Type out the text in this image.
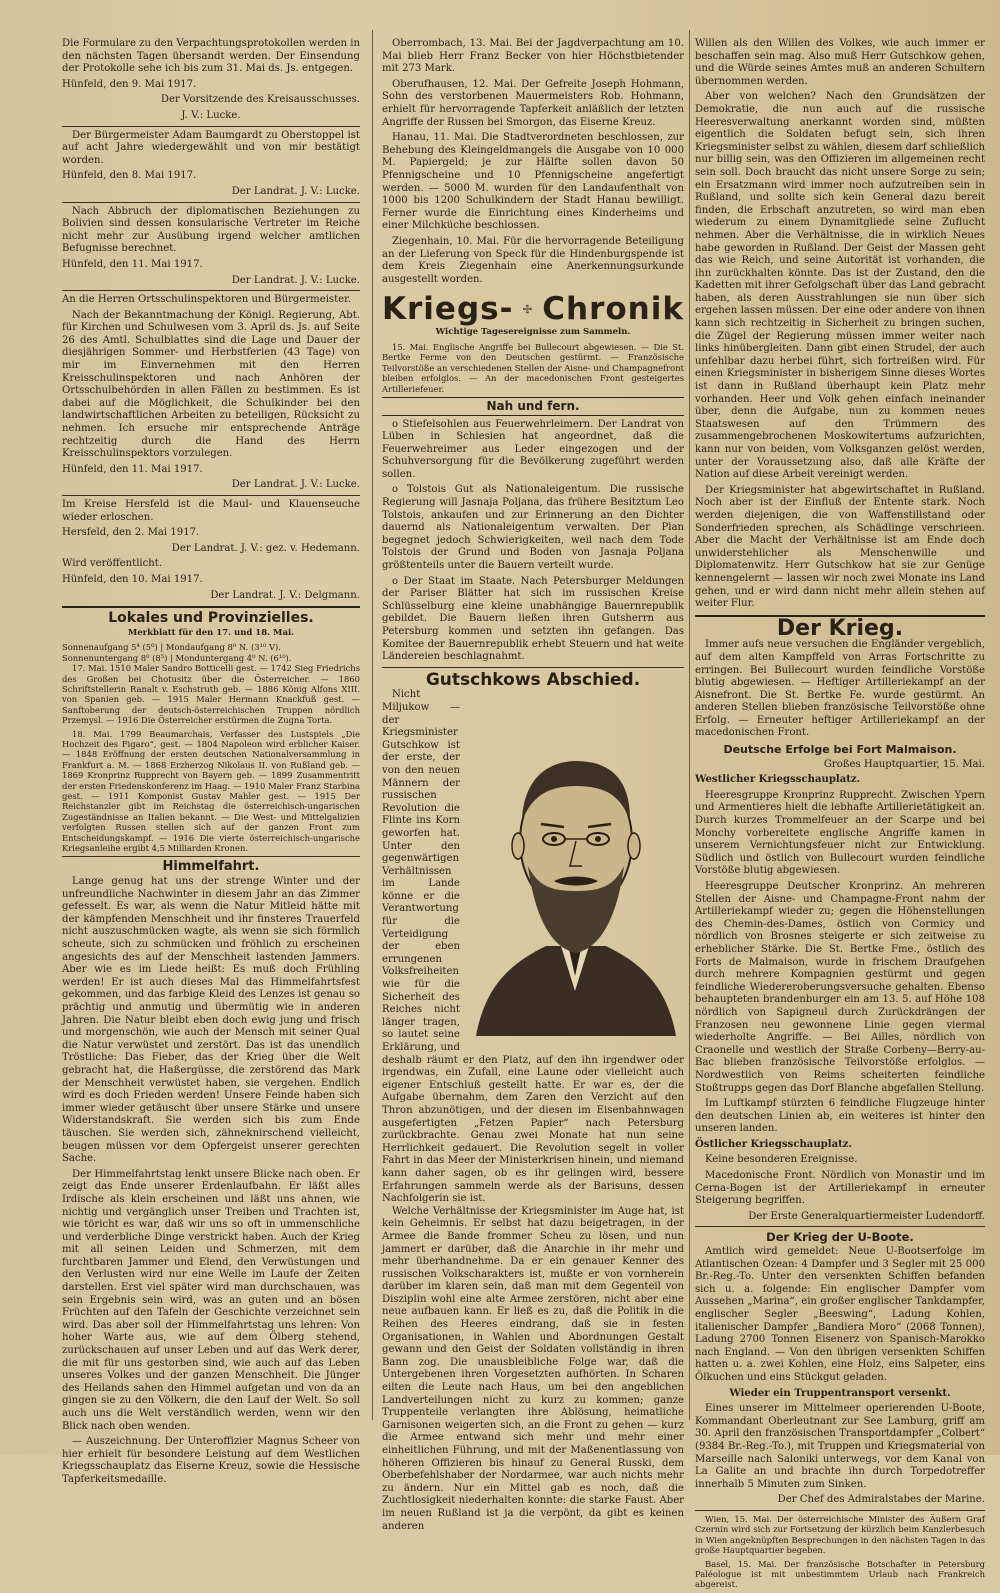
Die Formulare zu den Verpachtungsprotokollen werden in den nächsten Tagen übersandt werden. Der Einsendung der Protokolle sehe ich bis zum 31. Mai ds. Js. entgegen.

Hünfeld, den 9. Mai 1917.

Der Vorsitzende des Kreisausschusses.

J. V.: Lucke.

Der Bürgermeister Adam Baumgardt zu Oberstoppel ist auf acht Jahre wiedergewählt und von mir bestätigt worden.

Hünfeld, den 8. Mai 1917.

Der Landrat. J. V.: Lucke.

Nach Abbruch der diplomatischen Beziehungen zu Bolivien sind dessen konsularische Vertreter im Reiche nicht mehr zur Ausübung irgend welcher amtlichen Befugnisse berechnet.

Hünfeld, den 11. Mai 1917.

Der Landrat. J. V.: Lucke.

An die Herren Ortsschulinspektoren und Bürgermeister.

Nach der Bekanntmachung der Königl. Regierung, Abt. für Kirchen und Schulwesen vom 3. April ds. Js. auf Seite 26 des Amtl. Schulblattes sind die Lage und Dauer der diesjährigen Sommer- und Herbstferien (43 Tage) von mir im Einvernehmen mit den Herren Kreisschulinspektoren und nach Anhören der Ortsschulbehörden in allen Fällen zu bestimmen. Es ist dabei auf die Möglichkeit, die Schulkinder bei den landwirtschaftlichen Arbeiten zu beteiligen, Rücksicht zu nehmen. Ich ersuche mir entsprechende Anträge rechtzeitig durch die Hand des Herrn Kreisschulinspektors vorzulegen.

Hünfeld, den 11. Mai 1917.

Der Landrat. J. V.: Lucke.

Im Kreise Hersfeld ist die Maul- und Klauenseuche wieder erloschen.

Hersfeld, den 2. Mai 1917.

Der Landrat. J. V.: gez. v. Hedemann.

Wird veröffentlicht.

Hünfeld, den 10. Mai 1917.

Der Landrat. J. V.: Delgmann.

Lokales und Provinzielles.
Merkblatt für den 17. und 18. Mai.
Sonnenaufgang 5⁴ (5⁰) | Mondaufgang 8⁰ N. (3¹⁰ V).
Sonnenuntergang 8⁰ (8⁵) | Monduntergang 4⁰ N. (6¹⁰).

17. Mai. 1510 Maler Sandro Botticelli gest. — 1742 Sieg Friedrichs des Großen bei Chotusitz über die Österreicher. — 1860 Schriftstellerin Ranalt v. Eschstruth geb. — 1886 König Alfons XIII. von Spanien geb. — 1915 Maler Hermann Knackfuß gest. — Sanftoberung der deutsch-österreichischen Truppen nördlich Przemysl. — 1916 Die Österreicher erstürmen die Zugna Torta.

18. Mai. 1799 Beaumarchais, Verfasser des Lustspiels „Die Hochzeit des Figaro“, gest. — 1804 Napoleon wird erblicher Kaiser. — 1848 Eröffnung der ersten deutschen Nationalversammlung in Frankfurt a. M. — 1868 Erzherzog Nikolaus II. von Rußland geb. — 1869 Kronprinz Rupprecht von Bayern geb. — 1899 Zusammentritt der ersten Friedenskonferenz im Haag. — 1910 Maler Franz Starbina gest. — 1911 Komponist Gustav Mahler gest. — 1915 Der Reichstanzler gibt im Reichstag die österreichisch-ungarischen Zugeständnisse an Italien bekannt. — Die West- und Mittelgalizien verfolgten Russen stellen sich auf der ganzen Front zum Entscheidungskampf. — 1916 Die vierte österreichisch-ungarische Kriegsanleihe ergibt 4,5 Milliarden Kronen.

Himmelfahrt.

Lange genug hat uns der strenge Winter und der unfreundliche Nachwinter in diesem Jahr an das Zimmer gefesselt. Es war, als wenn die Natur Mitleid hätte mit der kämpfenden Menschheit und ihr finsteres Trauerfeld nicht auszuschmücken wagte, als wenn sie sich förmlich scheute, sich zu schmücken und fröhlich zu erscheinen angesichts des auf der Menschheit lastenden Jammers. Aber wie es im Liede heißt: Es muß doch Frühling werden! Er ist auch dieses Mal das Himmelfahrtsfest gekommen, und das farbige Kleid des Lenzes ist genau so prächtig und anmutig und übermütig wie in anderen Jahren. Die Natur bleibt eben doch ewig jung und frisch und morgenschön, wie auch der Mensch mit seiner Qual die Natur verwüstet und zerstört. Das ist das unendlich Tröstliche: Das Fieber, das der Krieg über die Welt gebracht hat, die Haßergüsse, die zerstörend das Mark der Menschheit verwüstet haben, sie vergehen. Endlich wird es doch Frieden werden! Unsere Feinde haben sich immer wieder getäuscht über unsere Stärke und unsere Widerstandskraft. Sie werden sich bis zum Ende täuschen. Sie werden sich, zähneknirschend vielleicht, beugen müssen vor dem Opfergeist unserer gerechten Sache.

Der Himmelfahrtstag lenkt unsere Blicke nach oben. Er zeigt das Ende unserer Erdenlaufbahn. Er läßt alles Irdische als klein erscheinen und läßt uns ahnen, wie nichtig und vergänglich unser Treiben und Trachten ist, wie töricht es war, daß wir uns so oft in ummenschliche und verderbliche Dinge verstrickt haben. Auch der Krieg mit all seinen Leiden und Schmerzen, mit dem furchtbaren Jammer und Elend, den Verwüstungen und den Verlusten wird nur eine Welle im Laufe der Zeiten darstellen. Erst viel später wird man durchschauen, was sein Ergebnis sein wird, was an guten und an bösen Früchten auf den Tafeln der Geschichte verzeichnet sein wird. Das aber soll der Himmelfahrtstag uns lehren: Von hoher Warte aus, wie auf dem Ölberg stehend, zurückschauen auf unser Leben und auf das Werk derer, die mit für uns gestorben sind, wie auch auf das Leben unseres Volkes und der ganzen Menschheit. Die Jünger des Heilands sahen den Himmel aufgetan und von da an gingen sie zu den Völkern, die den Lauf der Welt. So soll auch uns die Welt verständlich werden, wenn wir den Blick nach oben wenden.

— Auszeichnung. Der Unteroffizier Magnus Scheer von hier erhielt für besondere Leistung auf dem Westlichen Kriegsschauplatz das Eiserne Kreuz, sowie die Hessische Tapferkeitsmedaille.

Oberrombach, 13. Mai. Bei der Jagdverpachtung am 10. Mai blieb Herr Franz Becker von hier Höchstbietender mit 273 Mark.

Oberufhausen, 12. Mai. Der Gefreite Joseph Hohmann, Sohn des verstorbenen Mauermeisters Rob. Hohmann, erhielt für hervorragende Tapferkeit anläßlich der letzten Angriffe der Russen bei Smorgon, das Eiserne Kreuz.

Hanau, 11. Mai. Die Stadtverordneten beschlossen, zur Behebung des Kleingeldmangels die Ausgabe von 10 000 M. Papiergeld; je zur Hälfte sollen davon 50 Pfennigscheine und 10 Pfennigscheine angefertigt werden. — 5000 M. wurden für den Landaufenthalt von 1000 bis 1200 Schulkindern der Stadt Hanau bewilligt. Ferner wurde die Einrichtung eines Kinderheims und einer Milchküche beschlossen.

Ziegenhain, 10. Mai. Für die hervorragende Beteiligung an der Lieferung von Speck für die Hindenburgspende ist dem Kreis Ziegenhain eine Anerkennungsurkunde ausgestellt worden.

Kriegs- Chronik
Wichtige Tagesereignisse zum Sammeln.

15. Mai. Englische Angriffe bei Bullecourt abgewiesen. — Die St. Bertke Ferme von den Deutschen gestürmt. — Französische Teilvorstöße an verschiedenen Stellen der Aisne- und Champagnefront bleiben erfolglos. — An der macedonischen Front gesteigertes Artilleriefeuer.

Nah und fern.

o Stiefelsohlen aus Feuerwehrleimern. Der Landrat von Lüben in Schlesien hat angeordnet, daß die Feuerwehreimer aus Leder eingezogen und der Schuhversorgung für die Bevölkerung zugeführt werden sollen.

o Tolstois Gut als Nationaleigentum. Die russische Regierung will Jasnaja Poljana, das frühere Besitztum Leo Tolstois, ankaufen und zur Erinnerung an den Dichter dauernd als Nationaleigentum verwalten. Der Plan begegnet jedoch Schwierigkeiten, weil nach dem Tode Tolstois der Grund und Boden von Jasnaja Poljana größtenteils unter die Bauern verteilt wurde.

o Der Staat im Staate. Nach Petersburger Meldungen der Pariser Blätter hat sich im russischen Kreise Schlüsselburg eine kleine unabhängige Bauernrepublik gebildet. Die Bauern ließen ihren Gutsherrn aus Petersburg kommen und setzten ihn gefangen. Das Komitee der Bauernrepublik erhebt Steuern und hat weite Ländereien beschlagnahmt.

Gutschkows Abschied.

Nicht Miljukow — der Kriegsminister Gutschkow ist der erste, der von den neuen Männern der russischen Revolution die Flinte ins Korn geworfen hat. Unter den gegenwärtigen Verhältnissen im Lande könne er die Verantwortung für die Verteidigung der eben errungenen Volksfreiheiten wie für die Sicherheit des Reiches nicht länger tragen, so lautet seine Erklärung, und deshalb räumt er den Platz, auf den ihn irgendwer oder irgendwas, ein Zufall, eine Laune oder vielleicht auch eigener Entschluß gestellt hatte. Er war es, der die Aufgabe übernahm, dem Zaren den Verzicht auf den Thron abzunötigen, und der diesen im Eisenbahnwagen ausgefertigten „Fetzen Papier“ nach Petersburg zurückbrachte. Genau zwei Monate hat nun seine Herrlichkeit gedauert. Die Revolution segelt in voller Fahrt in das Meer der Ministerkrisen hinein, und niemand kann daher sagen, ob es ihr gelingen wird, bessere Erfahrungen sammeln werde als der Barisuns, dessen Nachfolgerin sie ist.

Welche Verhältnisse der Kriegsminister im Auge hat, ist kein Geheimnis. Er selbst hat dazu beigetragen, in der Armee die Bande frommer Scheu zu lösen, und nun jammert er darüber, daß die Anarchie in ihr mehr und mehr überhandnehme. Da er ein genauer Kenner des russischen Volkscharakters ist, mußte er von vornherein darüber im klaren sein, daß man mit dem Gegenteil von Disziplin wohl eine alte Armee zerstören, nicht aber eine neue aufbauen kann. Er ließ es zu, daß die Politik in die Reihen des Heeres eindrang, daß sie in festen Organisationen, in Wahlen und Abordnungen Gestalt gewann und den Geist der Soldaten vollständig in ihren Bann zog. Die unausbleibliche Folge war, daß die Untergebenen ihren Vorgesetzten aufhörten. In Scharen eilten die Leute nach Haus, um bei den angeblichen Landverteilungen nicht zu kurz zu kommen; ganze Truppenteile verlangten ihre Ablösung, heimatliche Garnisonen weigerten sich, an die Front zu gehen — kurz die Armee entwand sich mehr und mehr einer einheitlichen Führung, und mit der Maßenentlassung von höheren Offizieren bis hinauf zu General Russki, dem Oberbefehlshaber der Nordarmee, war auch nichts mehr zu ändern. Nur ein Mittel gab es noch, daß die Zuchtlosigkeit niederhalten konnte: die starke Faust. Aber im neuen Rußland ist ja die verpönt, da gibt es keinen anderen

Willen als den Willen des Volkes, wie auch immer er beschaffen sein mag. Also muß Herr Gutschkow gehen, und die Würde seines Amtes muß an anderen Schultern übernommen werden.

Aber von welchen? Nach den Grundsätzen der Demokratie, die nun auch auf die russische Heeresverwaltung anerkannt worden sind, müßten eigentlich die Soldaten befugt sein, sich ihren Kriegsminister selbst zu wählen, diesem darf schließlich nur billig sein, was den Offizieren im allgemeinen recht sein soll. Doch braucht das nicht unsere Sorge zu sein; ein Ersatzmann wird immer noch aufzutreiben sein in Rußland, und sollte sich kein General dazu bereit finden, die Erbschaft anzutreten, so wird man eben wiederum zu einem Dynamitgliede seine Zuflucht nehmen. Aber die Verhältnisse, die in wirklich Neues habe geworden in Rußland. Der Geist der Massen geht das wie Reich, und seine Autorität ist vorhanden, die ihn zurückhalten könnte. Das ist der Zustand, den die Kadetten mit ihrer Gefolgschaft über das Land gebracht haben, als deren Ausstrahlungen sie nun über sich ergehen lassen müssen. Der eine oder andere von ihnen kann sich rechtzeitig in Sicherheit zu bringen suchen, die Zügel der Regierung müssen immer weiter nach links hinübergleiten. Dann gibt einen Strudel, der auch unfehlbar dazu herbei führt, sich fortreißen wird. Für einen Kriegsminister in bisherigem Sinne dieses Wortes ist dann in Rußland überhaupt kein Platz mehr vorhanden. Heer und Volk gehen einfach ineinander über, denn die Aufgabe, nun zu kommen neues Staatswesen auf den Trümmern des zusammengebrochenen Moskowitertums aufzurichten, kann nur von beiden, vom Volksganzen gelöst werden, unter der Voraussetzung also, daß alle Kräfte der Nation auf diese Arbeit vereinigt werden.

Der Kriegsminister hat abgewirtschaftet in Rußland. Noch aber ist der Einfluß der Entente stark. Noch werden diejenigen, die von Waffenstillstand oder Sonderfrieden sprechen, als Schädlinge verschrieen. Aber die Macht der Verhältnisse ist am Ende doch unwiderstehlicher als Menschenwille und Diplomatenwitz. Herr Gutschkow hat sie zur Genüge kennengelernt — lassen wir noch zwei Monate ins Land gehen, und er wird dann nicht mehr allein stehen auf weiter Flur.

Der Krieg.

Immer aufs neue versuchen die Engländer vergeblich, auf dem alten Kampffeld von Arras Fortschritte zu erringen. Bei Bullecourt wurden feindliche Vorstöße blutig abgewiesen. — Heftiger Artilleriekampf an der Aisnefront. Die St. Bertke Fe. wurde gestürmt. An anderen Stellen blieben französische Teilvorstöße ohne Erfolg. — Erneuter heftiger Artilleriekampf an der macedonischen Front.

Deutsche Erfolge bei Fort Malmaison.

Großes Hauptquartier, 15. Mai.

Westlicher Kriegsschauplatz.

Heeresgruppe Kronprinz Rupprecht. Zwischen Ypern und Armentieres hielt die lebhafte Artillerietätigkeit an. Durch kurzes Trommelfeuer an der Scarpe und bei Monchy vorbereitete englische Angriffe kamen in unserem Vernichtungsfeuer nicht zur Entwicklung. Südlich und östlich von Bullecourt wurden feindliche Vorstöße blutig abgewiesen.

Heeresgruppe Deutscher Kronprinz. An mehreren Stellen der Aisne- und Champagne-Front nahm der Artilleriekampf wieder zu; gegen die Höhenstellungen des Chemin-des-Dames, östlich von Cormicy und nördlich von Brosnes steigerte er sich zeitweise zu erheblicher Stärke. Die St. Bertke Fme., östlich des Forts de Malmaison, wurde in frischem Draufgehen durch mehrere Kompagnien gestürmt und gegen feindliche Wiedereroberungsversuche gehalten. Ebenso behaupteten brandenburger ein am 13. 5. auf Höhe 108 nördlich von Sapigneul durch Zurückdrängen der Franzosen neu gewonnene Linie gegen viermal wiederholte Angriffe. — Bei Ailles, nördlich von Craonelle und westlich der Straße Corbeny—Berry-au-Bac blieben französische Teilvorstöße erfolglos. — Nordwestlich von Reims scheiterten feindliche Stoßtrupps gegen das Dorf Blanche abgefallen Stellung.

Im Luftkampf stürzten 6 feindliche Flugzeuge hinter den deutschen Linien ab, ein weiteres ist hinter den unseren landen.

Östlicher Kriegsschauplatz.

Keine besonderen Ereignisse.

Macedonische Front. Nördlich von Monastir und im Cerna-Bogen ist der Artilleriekampf in erneuter Steigerung begriffen.

Der Erste Generalquartiermeister Ludendorff.

Der Krieg der U-Boote.

Amtlich wird gemeldet: Neue U-Bootserfolge im Atlantischen Ozean: 4 Dampfer und 3 Segler mit 25 000 Br.-Reg.-To. Unter den versenkten Schiffen befanden sich u. a. folgende: Ein englischer Dampfer vom Aussehen „Marina“, ein großer englischer Tankdampfer, englischer Segler „Beeswing“, Ladung Kohlen, italienischer Dampfer „Bandiera Moro“ (2068 Tonnen), Ladung 2700 Tonnen Eisenerz von Spanisch-Marokko nach England. — Von den übrigen versenkten Schiffen hatten u. a. zwei Kohlen, eine Holz, eins Salpeter, eins Ölkuchen und eins Stückgut geladen.

Wieder ein Truppentransport versenkt.

Eines unserer im Mittelmeer operierenden U-Boote, Kommandant Oberleutnant zur See Lamburg, griff am 30. April den französischen Transportdampfer „Colbert“ (9384 Br.-Reg.-To.), mit Truppen und Kriegsmaterial von Marseille nach Saloniki unterwegs, vor dem Kanal von La Galite an und brachte ihn durch Torpedotreffer innerhalb 5 Minuten zum Sinken.

Der Chef des Admiralstabes der Marine.

Wien, 15. Mai. Der österreichische Minister des Äußern Graf Czernin wird sich zur Fortsetzung der kürzlich beim Kanzlerbesuch in Wien angeknüpften Besprechungen in den nächsten Tagen in das große Hauptquartier begeben.

Basel, 15. Mai. Der französische Botschafter in Petersburg Paléologue ist mit unbestimmtem Urlaub nach Frankreich abgereist.
